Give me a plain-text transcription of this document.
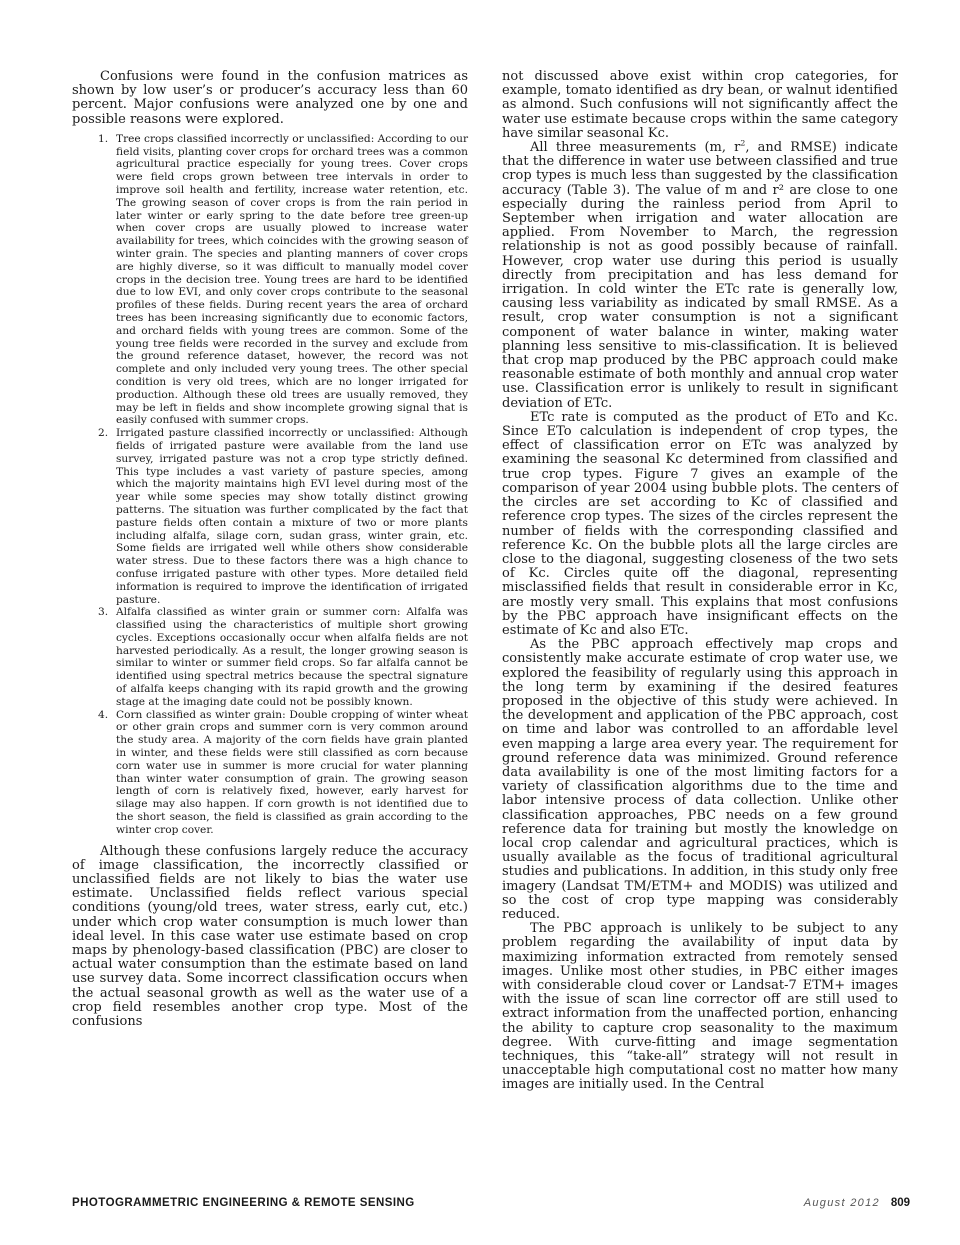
Confusions were found in the confusion matrices as shown by low user’s or producer’s accuracy less than 60 percent. Major confusions were analyzed one by one and possible reasons were explored.

1. Tree crops classified incorrectly or unclassified: According to our field visits, planting cover crops for orchard trees was a common agricultural practice especially for young trees. Cover crops were field crops grown between tree intervals in order to improve soil health and fertility, increase water retention, etc. The growing season of cover crops is from the rain period in later winter or early spring to the date before tree green-up when cover crops are usually plowed to increase water availability for trees, which coincides with the growing season of winter grain. The species and planting manners of cover crops are highly diverse, so it was difficult to manually model cover crops in the decision tree. Young trees are hard to be identified due to low EVI, and only cover crops contribute to the seasonal profiles of these fields. During recent years the area of orchard trees has been increasing significantly due to economic factors, and orchard fields with young trees are common. Some of the young tree fields were recorded in the survey and exclude from the ground reference dataset, however, the record was not complete and only included very young trees. The other special condition is very old trees, which are no longer irrigated for production. Although these old trees are usually removed, they may be left in fields and show incomplete growing signal that is easily confused with summer crops.
2. Irrigated pasture classified incorrectly or unclassified: Although fields of irrigated pasture were available from the land use survey, irrigated pasture was not a crop type strictly defined. This type includes a vast variety of pasture species, among which the majority maintains high EVI level during most of the year while some species may show totally distinct growing patterns. The situation was further complicated by the fact that pasture fields often contain a mixture of two or more plants including alfalfa, silage corn, sudan grass, winter grain, etc. Some fields are irrigated well while others show considerable water stress. Due to these factors there was a high chance to confuse irrigated pasture with other types. More detailed field information is required to improve the identification of irrigated pasture.
3. Alfalfa classified as winter grain or summer corn: Alfalfa was classified using the characteristics of multiple short growing cycles. Exceptions occasionally occur when alfalfa fields are not harvested periodically. As a result, the longer growing season is similar to winter or summer field crops. So far alfalfa cannot be identified using spectral metrics because the spectral signature of alfalfa keeps changing with its rapid growth and the growing stage at the imaging date could not be possibly known.
4. Corn classified as winter grain: Double cropping of winter wheat or other grain crops and summer corn is very common around the study area. A majority of the corn fields have grain planted in winter, and these fields were still classified as corn because corn water use in summer is more crucial for water planning than winter water consumption of grain. The growing season length of corn is relatively fixed, however, early harvest for silage may also happen. If corn growth is not identified due to the short season, the field is classified as grain according to the winter crop cover.

Although these confusions largely reduce the accuracy of image classification, the incorrectly classified or unclassified fields are not likely to bias the water use estimate. Unclassified fields reflect various special conditions (young/old trees, water stress, early cut, etc.) under which crop water consumption is much lower than ideal level. In this case water use estimate based on crop maps by phenology-based classification (PBC) are closer to actual water consumption than the estimate based on land use survey data. Some incorrect classification occurs when the actual seasonal growth as well as the water use of a crop field resembles another crop type. Most of the confusions

not discussed above exist within crop categories, for example, tomato identified as dry bean, or walnut identified as almond. Such confusions will not significantly affect the water use estimate because crops within the same category have similar seasonal Kc.

All three measurements (m, $r^2$, and RMSE) indicate that the difference in water use between classified and true crop types is much less than suggested by the classification accuracy (Table 3). The value of m and r² are close to one especially during the rainless period from April to September when irrigation and water allocation are applied. From November to March, the regression relationship is not as good possibly because of rainfall. However, crop water use during this period is usually directly from precipitation and has less demand for irrigation. In cold winter the ETc rate is generally low, causing less variability as indicated by small RMSE. As a result, crop water consumption is not a significant component of water balance in winter, making water planning less sensitive to mis-classification. It is believed that crop map produced by the PBC approach could make reasonable estimate of both monthly and annual crop water use. Classification error is unlikely to result in significant deviation of ETc.

ETc rate is computed as the product of ETo and Kc. Since ETo calculation is independent of crop types, the effect of classification error on ETc was analyzed by examining the seasonal Kc determined from classified and true crop types. Figure 7 gives an example of the comparison of year 2004 using bubble plots. The centers of the circles are set according to Kc of classified and reference crop types. The sizes of the circles represent the number of fields with the corresponding classified and reference Kc. On the bubble plots all the large circles are close to the diagonal, suggesting closeness of the two sets of Kc. Circles quite off the diagonal, representing misclassified fields that result in considerable error in Kc, are mostly very small. This explains that most confusions by the PBC approach have insignificant effects on the estimate of Kc and also ETc.

As the PBC approach effectively map crops and consistently make accurate estimate of crop water use, we explored the feasibility of regularly using this approach in the long term by examining if the desired features proposed in the objective of this study were achieved. In the development and application of the PBC approach, cost on time and labor was controlled to an affordable level even mapping a large area every year. The requirement for ground reference data was minimized. Ground reference data availability is one of the most limiting factors for a variety of classification algorithms due to the time and labor intensive process of data collection. Unlike other classification approaches, PBC needs on a few ground reference data for training but mostly the knowledge on local crop calendar and agricultural practices, which is usually available as the focus of traditional agricultural studies and publications. In addition, in this study only free imagery (Landsat TM/ETM+ and MODIS) was utilized and so the cost of crop type mapping was considerably reduced.

The PBC approach is unlikely to be subject to any problem regarding the availability of input data by maximizing information extracted from remotely sensed images. Unlike most other studies, in PBC either images with considerable cloud cover or Landsat-7 ETM+ images with the issue of scan line corrector off are still used to extract information from the unaffected portion, enhancing the ability to capture crop seasonality to the maximum degree. With curve-fitting and image segmentation techniques, this “take-all” strategy will not result in unacceptable high computational cost no matter how many images are initially used. In the Central

PHOTOGRAMMETRIC ENGINEERING & REMOTE SENSING	August 2012 809
